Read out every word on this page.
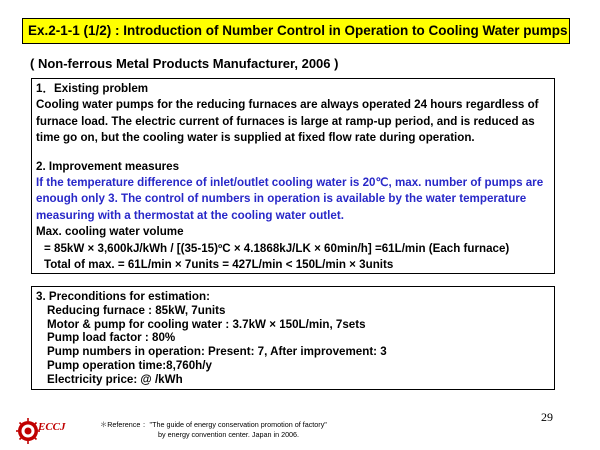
Ex.2-1-1 (1/2) : Introduction of Number Control in Operation to Cooling Water pumps
( Non-ferrous Metal Products Manufacturer, 2006 )
1．Existing problem
Cooling water pumps for the reducing furnaces are always operated 24 hours regardless of furnace load. The electric current of furnaces is large at ramp-up period, and is reduced as time go on, but the cooling water is supplied at fixed flow rate during operation.
2. Improvement measures
If the temperature difference of inlet/outlet cooling water is 20℃, max. number of pumps are
enough only 3. The control of numbers in operation is available by the water temperature
measuring with a thermostat at the cooling water outlet.
Max. cooling water volume
= 85kW × 3,600kJ/kWh / [(35-15)ºC × 4.1868kJ/LK × 60min/h] =61L/min (Each furnace)
Total of max. = 61L/min × 7units = 427L/min < 150L/min × 3units
3. Preconditions for estimation:
Reducing furnace : 85kW, 7units
Motor & pump for cooling water : 3.7kW × 150L/min, 7sets
Pump load factor : 80%
Pump numbers in operation: Present: 7, After improvement: 3
Pump operation time:8,760h/y
Electricity price: @ /kWh
29
ECCJ	＊Reference ："The guide of energy conservation promotion of factory"
by energy convention center. Japan in 2006.
